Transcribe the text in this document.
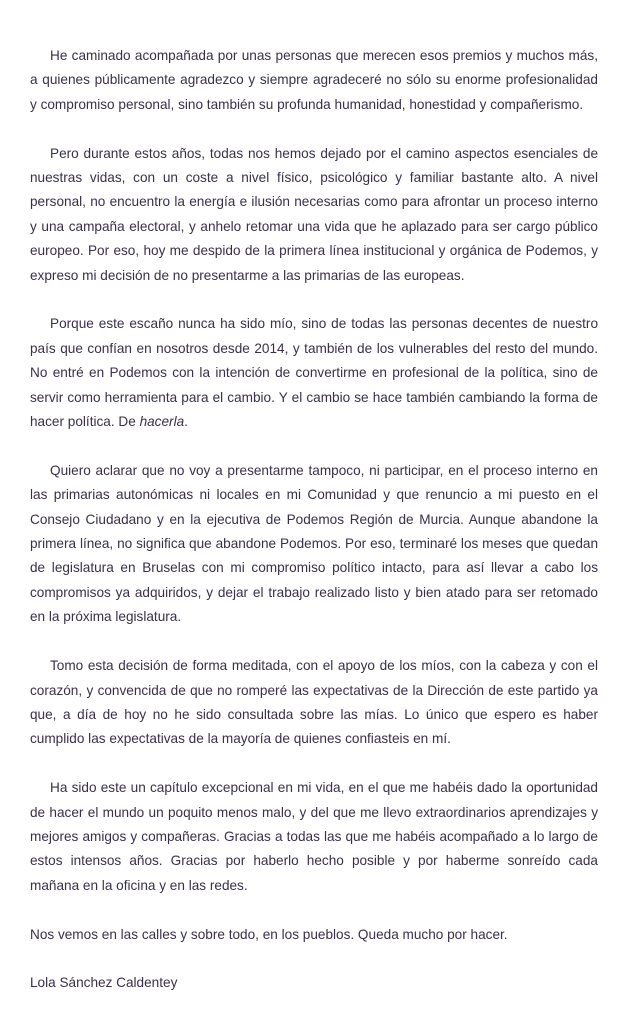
He caminado acompañada por unas personas que merecen esos premios y muchos más, a quienes públicamente agradezco y siempre agradeceré no sólo su enorme profesionalidad y compromiso personal, sino también su profunda humanidad, honestidad y compañerismo.

Pero durante estos años, todas nos hemos dejado por el camino aspectos esenciales de nuestras vidas, con un coste a nivel físico, psicológico y familiar bastante alto. A nivel personal, no encuentro la energía e ilusión necesarias como para afrontar un proceso interno y una campaña electoral, y anhelo retomar una vida que he aplazado para ser cargo público europeo. Por eso, hoy me despido de la primera línea institucional y orgánica de Podemos, y expreso mi decisión de no presentarme a las primarias de las europeas.

Porque este escaño nunca ha sido mío, sino de todas las personas decentes de nuestro país que confían en nosotros desde 2014, y también de los vulnerables del resto del mundo. No entré en Podemos con la intención de convertirme en profesional de la política, sino de servir como herramienta para el cambio. Y el cambio se hace también cambiando la forma de hacer política. De hacerla.

Quiero aclarar que no voy a presentarme tampoco, ni participar, en el proceso interno en las primarias autonómicas ni locales en mi Comunidad y que renuncio a mi puesto en el Consejo Ciudadano y en la ejecutiva de Podemos Región de Murcia. Aunque abandone la primera línea, no significa que abandone Podemos. Por eso, terminaré los meses que quedan de legislatura en Bruselas con mi compromiso político intacto, para así llevar a cabo los compromisos ya adquiridos, y dejar el trabajo realizado listo y bien atado para ser retomado en la próxima legislatura.

Tomo esta decisión de forma meditada, con el apoyo de los míos, con la cabeza y con el corazón, y convencida de que no romperé las expectativas de la Dirección de este partido ya que, a día de hoy no he sido consultada sobre las mías. Lo único que espero es haber cumplido las expectativas de la mayoría de quienes confiasteis en mí.

Ha sido este un capítulo excepcional en mi vida, en el que me habéis dado la oportunidad de hacer el mundo un poquito menos malo, y del que me llevo extraordinarios aprendizajes y mejores amigos y compañeras. Gracias a todas las que me habéis acompañado a lo largo de estos intensos años. Gracias por haberlo hecho posible y por haberme sonreído cada mañana en la oficina y en las redes.

Nos vemos en las calles y sobre todo, en los pueblos. Queda mucho por hacer.

Lola Sánchez Caldentey
